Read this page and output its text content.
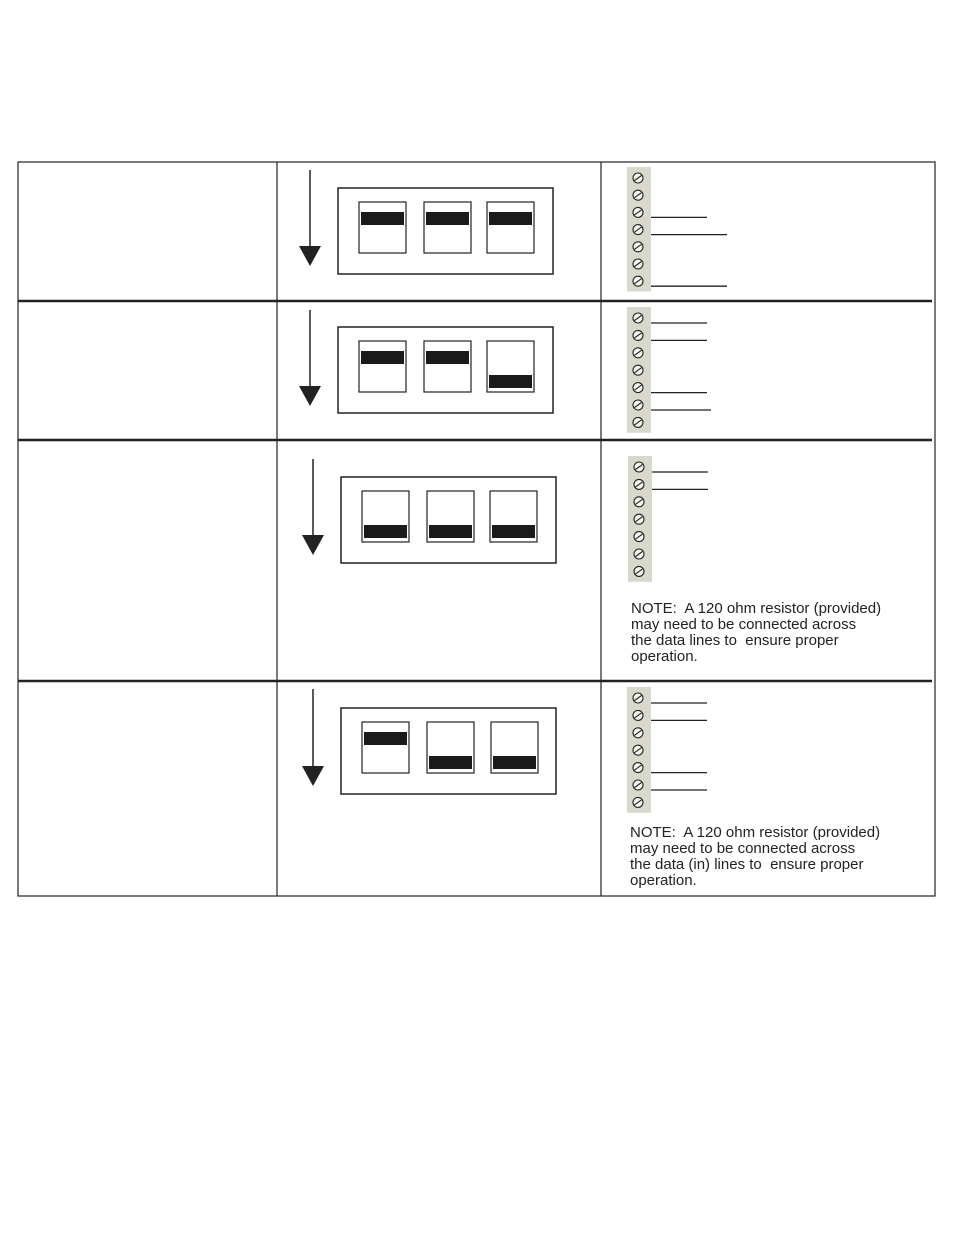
NOTE:  A 120 ohm resistor (provided)
may need to be connected across
the data lines to  ensure proper
operation.
NOTE:  A 120 ohm resistor (provided)
may need to be connected across
the data (in) lines to  ensure proper
operation.
